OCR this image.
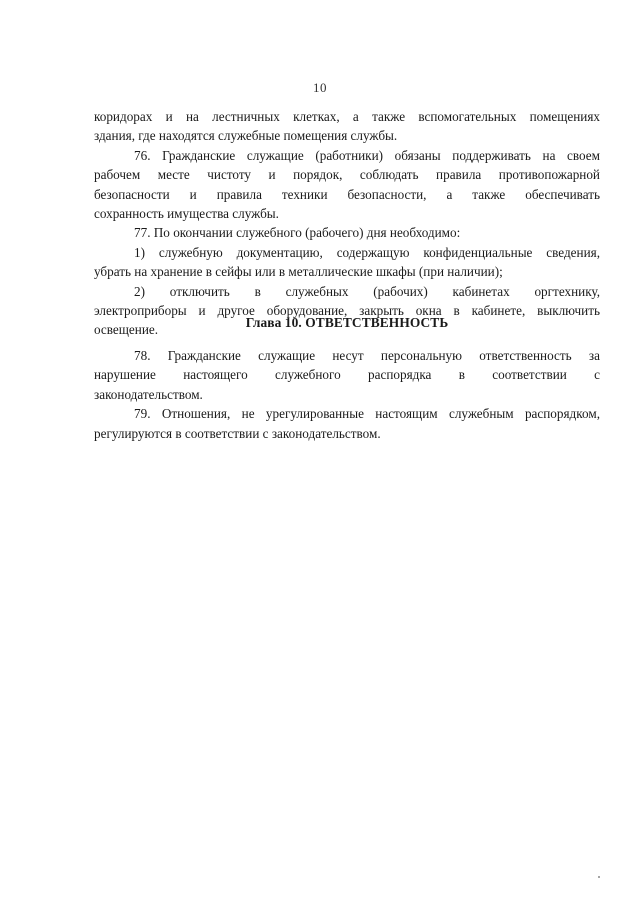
10

коридорах и на лестничных клетках, а также вспомогательных помещениях
здания, где находятся служебные помещения службы.

76. Гражданские служащие (работники) обязаны поддерживать на своем
рабочем месте чистоту и порядок, соблюдать правила противопожарной
безопасности и правила техники безопасности, а также обеспечивать
сохранность имущества службы.

77. По окончании служебного (рабочего) дня необходимо:

1) служебную документацию, содержащую конфиденциальные сведения,
убрать на хранение в сейфы или в металлические шкафы (при наличии);

2) отключить в служебных (рабочих) кабинетах оргтехнику,
электроприборы и другое оборудование, закрыть окна в кабинете, выключить
освещение.	Глава 10. ОТВЕТСТВЕННОСТЬ

78. Гражданские служащие несут персональную ответственность за
нарушение настоящего служебного распорядка в соответствии с
законодательством.

79. Отношения, не урегулированные настоящим служебным распорядком,
регулируются в соответствии с законодательством.
